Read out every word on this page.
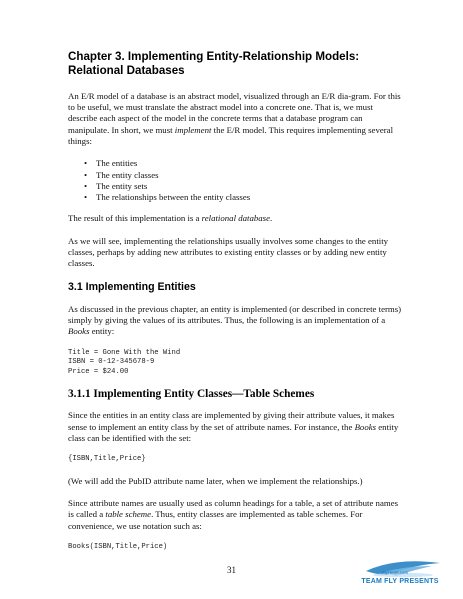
Chapter 3. Implementing Entity-Relationship Models: Relational Databases

An E/R model of a database is an abstract model, visualized through an E/R dia-gram. For this to be useful, we must translate the abstract model into a concrete one. That is, we must describe each aspect of the model in the concrete terms that a database program can manipulate. In short, we must implement the E/R model. This requires implementing several things:

• The entities
• The entity classes
• The entity sets
• The relationships between the entity classes

The result of this implementation is a relational database.

As we will see, implementing the relationships usually involves some changes to the entity classes, perhaps by adding new attributes to existing entity classes or by adding new entity classes.

3.1 Implementing Entities

As discussed in the previous chapter, an entity is implemented (or described in concrete terms) simply by giving the values of its attributes. Thus, the following is an implementation of a Books entity:

Title = Gone With the Wind
ISBN = 0-12-345678-9
Price = $24.00
3.1.1 Implementing Entity Classes—Table Schemes

Since the entities in an entity class are implemented by giving their attribute values, it makes sense to implement an entity class by the set of attribute names. For instance, the Books entity class can be identified with the set:

{ISBN,Title,Price}

(We will add the PubID attribute name later, when we implement the relationships.)

Since attribute names are usually used as column headings for a table, a set of attribute names is called a table scheme. Thus, entity classes are implemented as table schemes. For convenience, we use notation such as:

Books(ISBN,Title,Price)
31	FlyHeart.com
TEAM FLY PRESENTS
